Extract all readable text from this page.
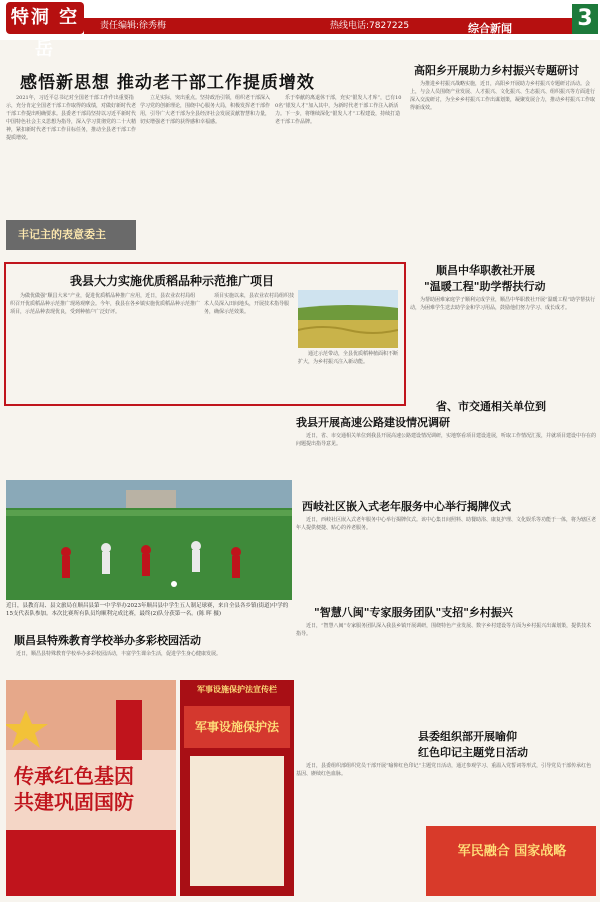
特洞 空岳
责任编辑:徐秀梅	热线电话:7827225	综合新闻	3
感悟新思想 推动老干部工作提质增效
　　2021年，习近平总书记对全国老干部工作作出重要指示，充分肯定全国老干部工作取得的成绩，对做好新时代老干部工作提出明确要求。县委老干部局坚持以习近平新时代中国特色社会主义思想为指导，深入学习贯彻党的二十大精神，紧扣新时代老干部工作目标任务，推动全县老干部工作提质增效。
　　立足实际，突出重点。坚持政治引领，组织老干部深入学习党的创新理论，围绕中心服务大局，积极发挥老干部作用，引导广大老干部为全县经济社会发展贡献智慧和力量，切实增强老干部的获得感和幸福感。
　　乐于奉献的离退休干部，充实“银发人才库”，已有100名“银发人才”加入其中，为新时代老干部工作注入新活力。下一步，将继续深化“银发人才”工程建设，持续打造老干部工作品牌。
丰记主的表意委主
高阳乡开展助力乡村振兴专题研讨
　　为推进乡村振兴战略实施，近日，高阳乡开展助力乡村振兴专题研讨活动。会上，与会人员围绕产业发展、人才振兴、文化振兴、生态振兴、组织振兴等方面进行深入交流研讨，为全乡乡村振兴工作出谋划策，凝聚发展合力，推动乡村振兴工作取得新成效。
我县大力实施优质稻品种示范推广项目
　　为做优做强“顺昌大米”产业，促进优质稻品种推广应用，近日，县农业农村局组织召开优质稻品种示范推广现场观摩会。今年，我县在各乡镇实施优质稻品种示范推广项目，示范品种表现优良，受到种植户广泛好评。
　　项目实施以来，县农业农村局组织技术人员深入田间地头，开展技术指导服务，确保示范效果。
　　通过示范带动，全县优质稻种植面积不断扩大，为乡村振兴注入新动能。
顺昌中华职教社开展
"温暖工程"助学帮扶行动
　　为帮助困难家庭学子顺利完成学业，顺昌中华职教社开展“温暖工程”助学帮扶行动，为困难学生送去助学金和学习用品，鼓励他们努力学习、成长成才。
省、市交通相关单位到
我县开展高速公路建设情况调研
　　近日，省、市交通相关单位到我县开展高速公路建设情况调研，实地察看项目建设进展，听取工作情况汇报，并就项目建设中存在的问题提出指导意见。
近日，县教育局、县文旅局在顺昌县第一中学举办2023年顺昌县中学生五人制足球赛，来自全县各乡镇(街道)中学的15支代表队参加。本次比赛所有队员均顺利完成比赛，最终(2)队分获第一名。(陈 晖 摄)
西岐社区嵌入式老年服务中心举行揭牌仪式
　　近日，西岐社区嵌入式老年服务中心举行揭牌仪式。该中心集日间照料、助餐助浴、康复护理、文化娱乐等功能于一体，将为辖区老年人提供便捷、贴心的养老服务。
"智慧八闽"专家服务团队"支招"乡村振兴
　　近日，“智慧八闽”专家服务团队深入我县乡镇开展调研，围绕特色产业发展、数字乡村建设等方面为乡村振兴出谋划策，提供技术指导。
顺昌县特殊教育学校举办多彩校园活动
　　近日，顺昌县特殊教育学校举办多彩校园活动，丰富学生课余生活，促进学生身心健康发展。
传承红色基因
共建巩固国防
军事设施保护法宣传栏
军事设施保护法
县委组织部开展喻仰
红色印记主题党日活动
　　近日，县委组织部组织党员干部开展“喻仰红色印记”主题党日活动，通过参观学习、重温入党誓词等形式，引导党员干部传承红色基因、赓续红色血脉。
军民融合 国家战略
